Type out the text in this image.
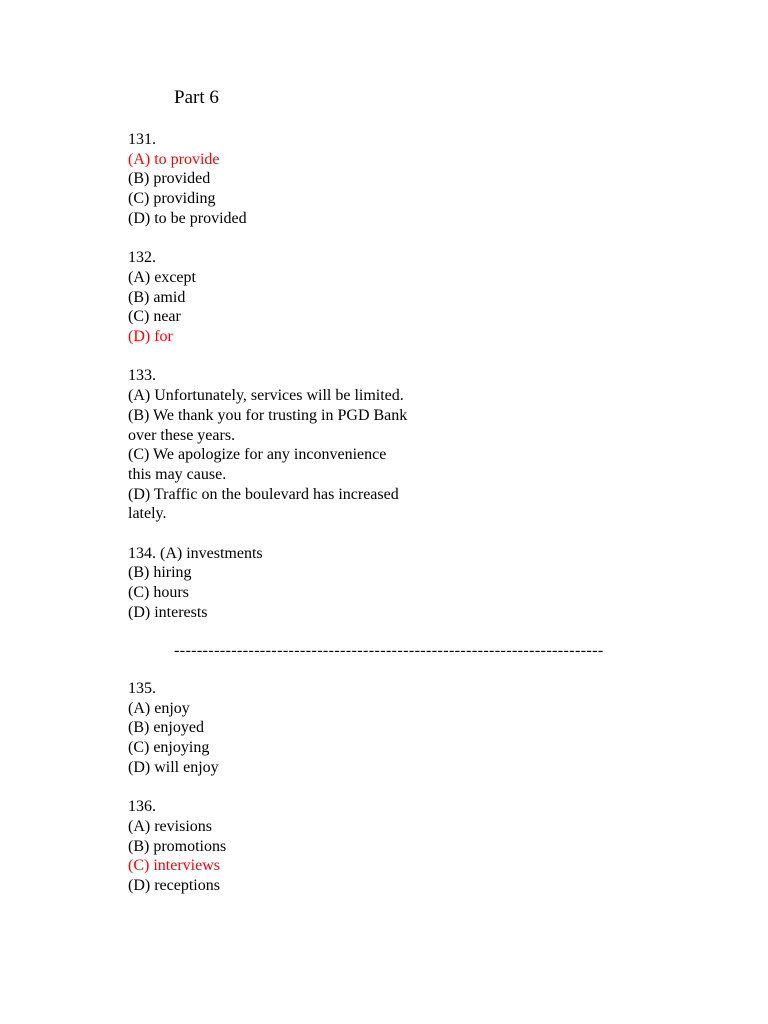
Part 6
131.
(A) to provide
(B) provided
(C) providing
(D) to be provided
132.
(A) except
(B) amid
(C) near
(D) for
133.
(A) Unfortunately, services will be limited.
(B) We thank you for trusting in PGD Bank
over these years.
(C) We apologize for any inconvenience
this may cause.
(D) Traffic on the boulevard has increased
lately.
134. (A) investments
(B) hiring
(C) hours
(D) interests
---------------------------------------------------------------------------
135.
(A) enjoy
(B) enjoyed
(C) enjoying
(D) will enjoy
136.
(A) revisions
(B) promotions
(C) interviews
(D) receptions
